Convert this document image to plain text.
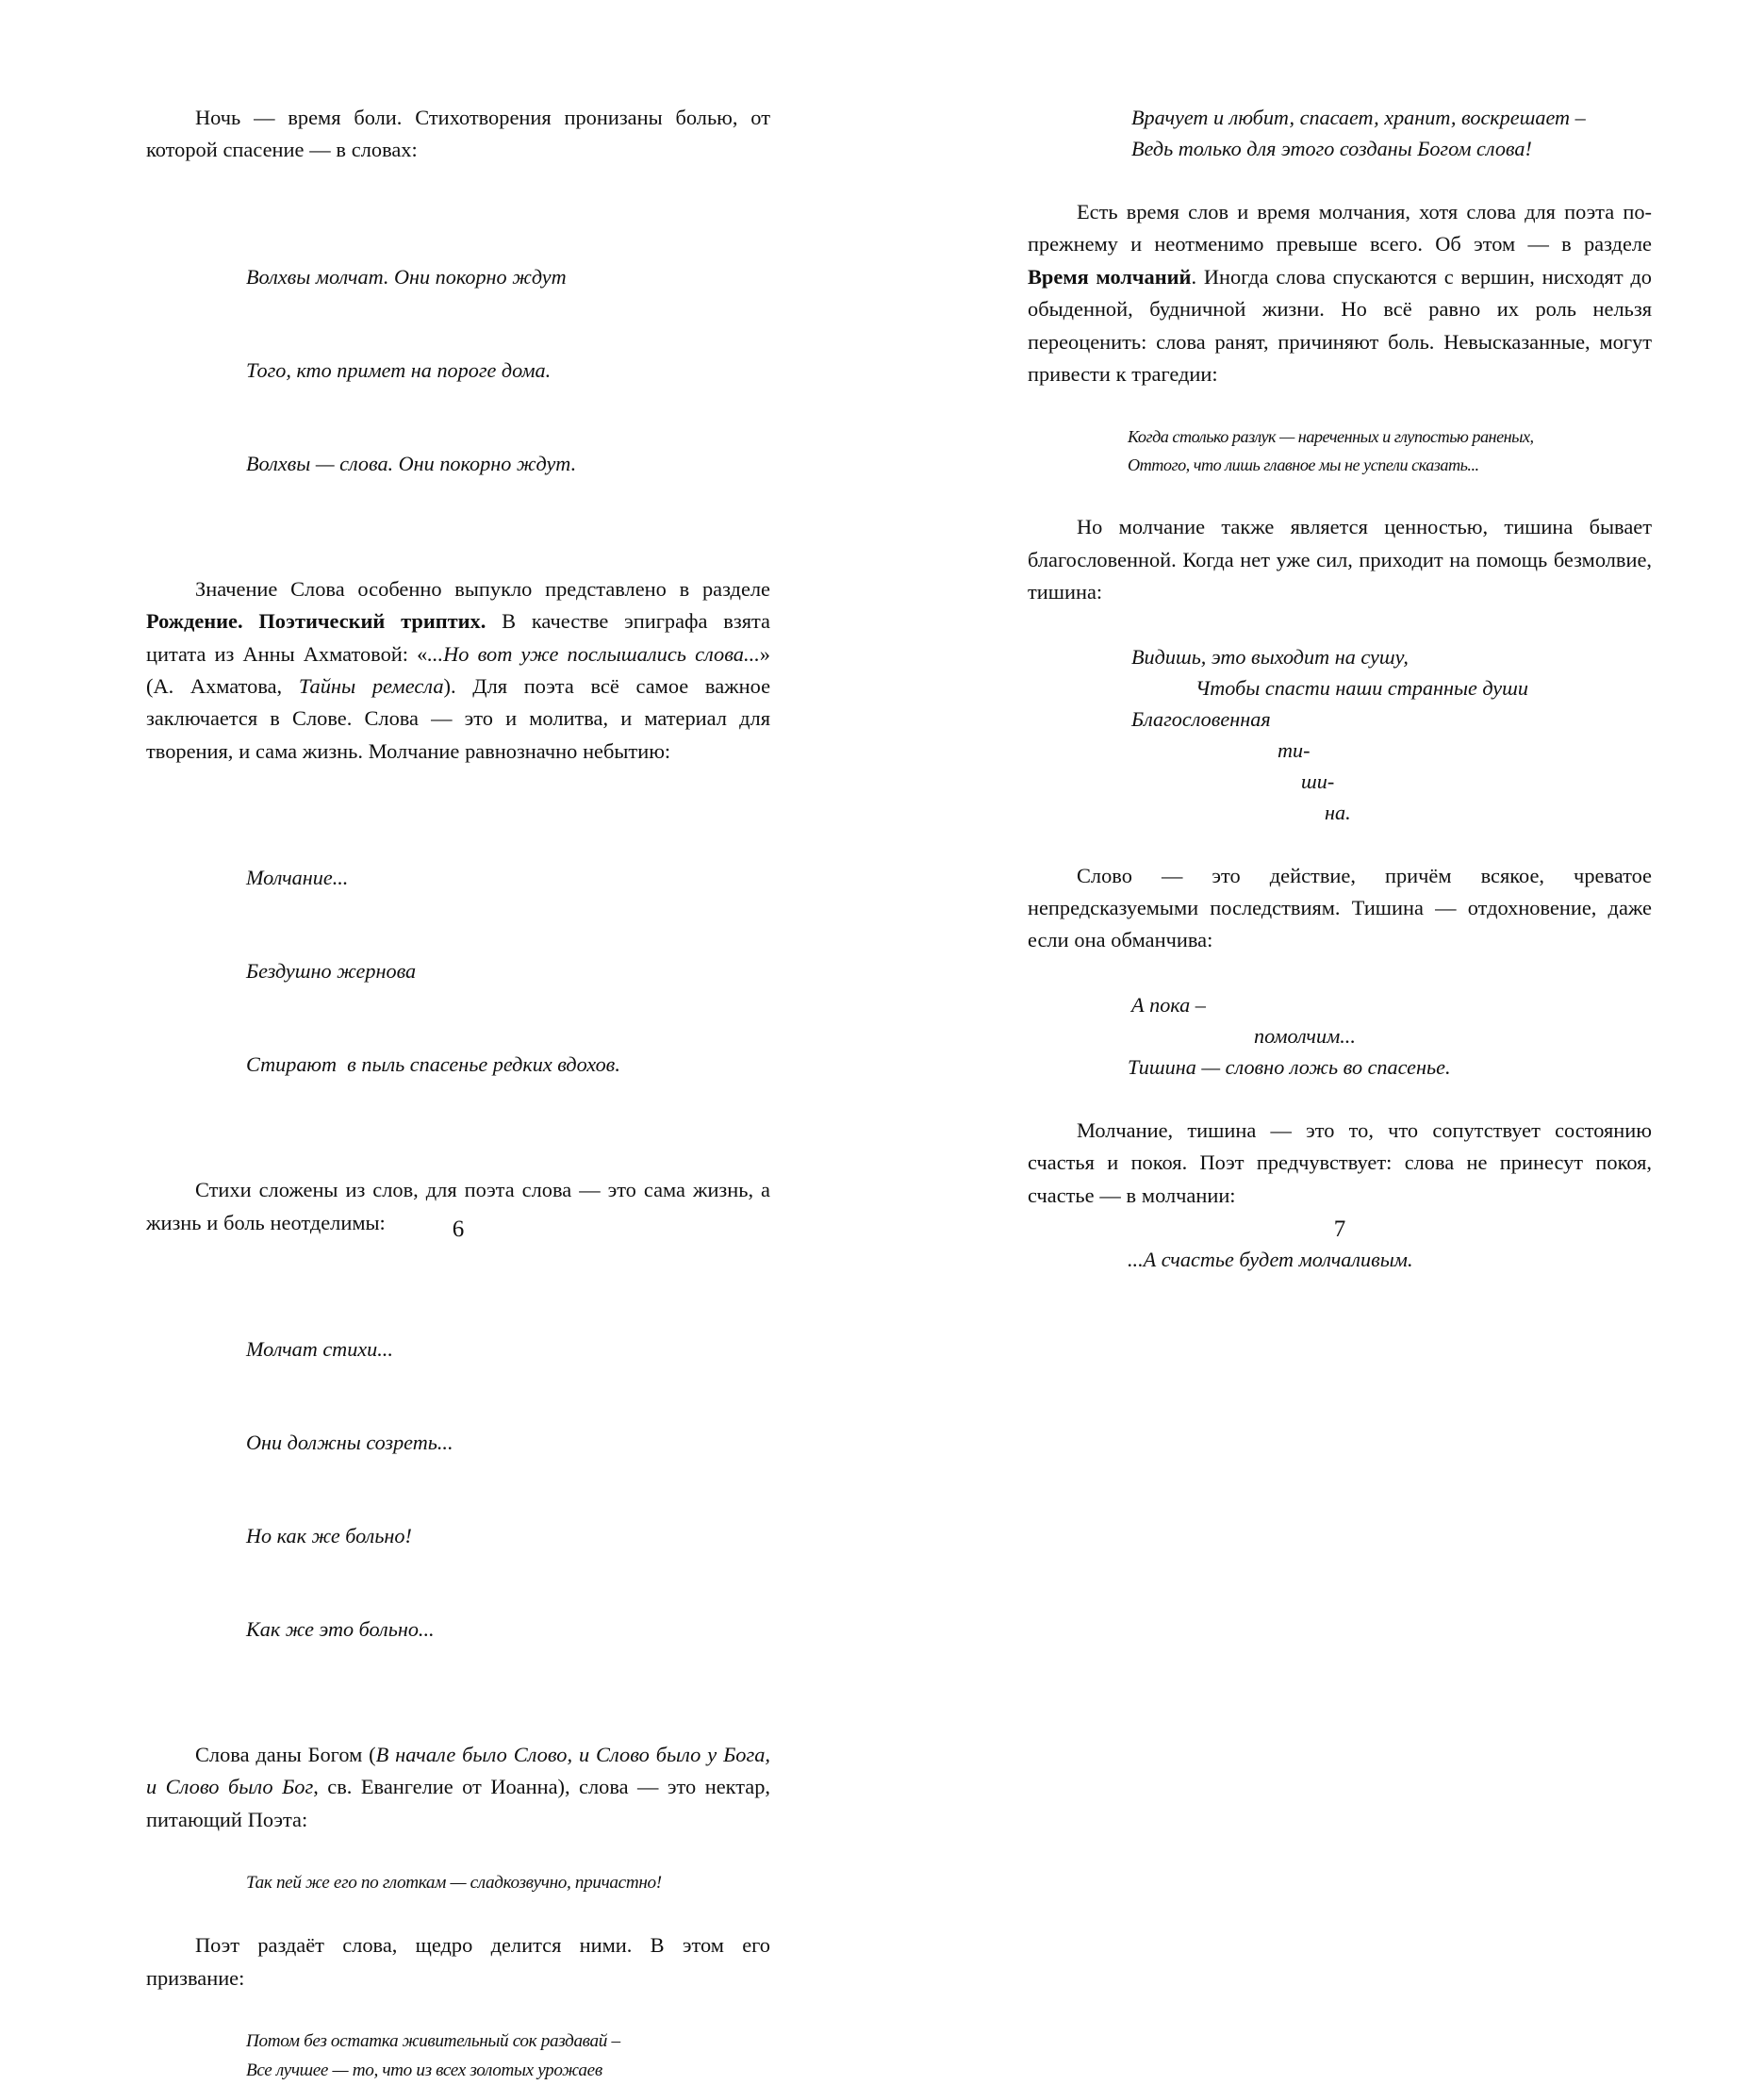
Ночь — время боли. Стихотворения пронизаны болью, от которой спасение — в словах:

Волхвы молчат. Они покорно ждут

Того, кто примет на пороге дома.

Волхвы — слова. Они покорно ждут.

Значение Слова особенно выпукло представлено в разделе Рождение. Поэтический триптих. В качестве эпиграфа взята цитата из Анны Ахматовой: «...Но вот уже послышались слова...» (А. Ахматова, Тайны ремесла). Для поэта всё самое важное заключается в Слове. Слова — это и молитва, и материал для творения, и сама жизнь. Молчание равнозначно небытию:

Молчание...

Бездушно жернова

Стирают  в пыль спасенье редких вдохов.

Стихи сложены из слов, для поэта слова — это сама жизнь, а жизнь и боль неотделимы:

Молчат стихи...

Они должны созреть...

Но как же больно!

Как же это больно...

Слова даны Богом (В начале было Слово, и Слово было у Бога, и Слово было Бог, св. Евангелие от Иоанна), слова — это нектар, питающий Поэта:

Так пей же его по глоткам — сладкозвучно, причастно!

Поэт раздаёт слова, щедро делится ними. В этом его призвание:

Потом без остатка живительный сок раздавай –
Все лучшее — то, что из всех золотых урожаев
6
Врачует и любит, спасает, хранит, воскрешает –
Ведь только для этого созданы Богом слова!

Есть время слов и время молчания, хотя слова для поэта по-прежнему и неотменимо превыше всего. Об этом — в разделе Время молчаний. Иногда слова спускаются с вершин, нисходят до обыденной, будничной жизни. Но всё равно их роль нельзя переоценить: слова ранят, причиняют боль. Невысказанные, могут привести к трагедии:

Когда столько разлук — нареченных и глупостью раненых,
Оттого, что лишь главное мы не успели сказать...

Но молчание также является ценностью, тишина бывает благословенной. Когда нет уже сил, приходит на помощь безмолвие, тишина:

Видишь, это выходит на сушу,
Чтобы спасти наши странные души
Благословенная
ти-
ши-
на.

Слово — это действие, причём всякое, чреватое непредсказуемыми последствиям. Тишина — отдохновение, даже если она обманчива:

А пока –
помолчим...
Тишина — словно ложь во спасенье.

Молчание, тишина — это то, что сопутствует состоянию счастья и покоя. Поэт предчувствует: слова не принесут покоя, счастье — в молчании:

...А счастье будет молчаливым.
7
